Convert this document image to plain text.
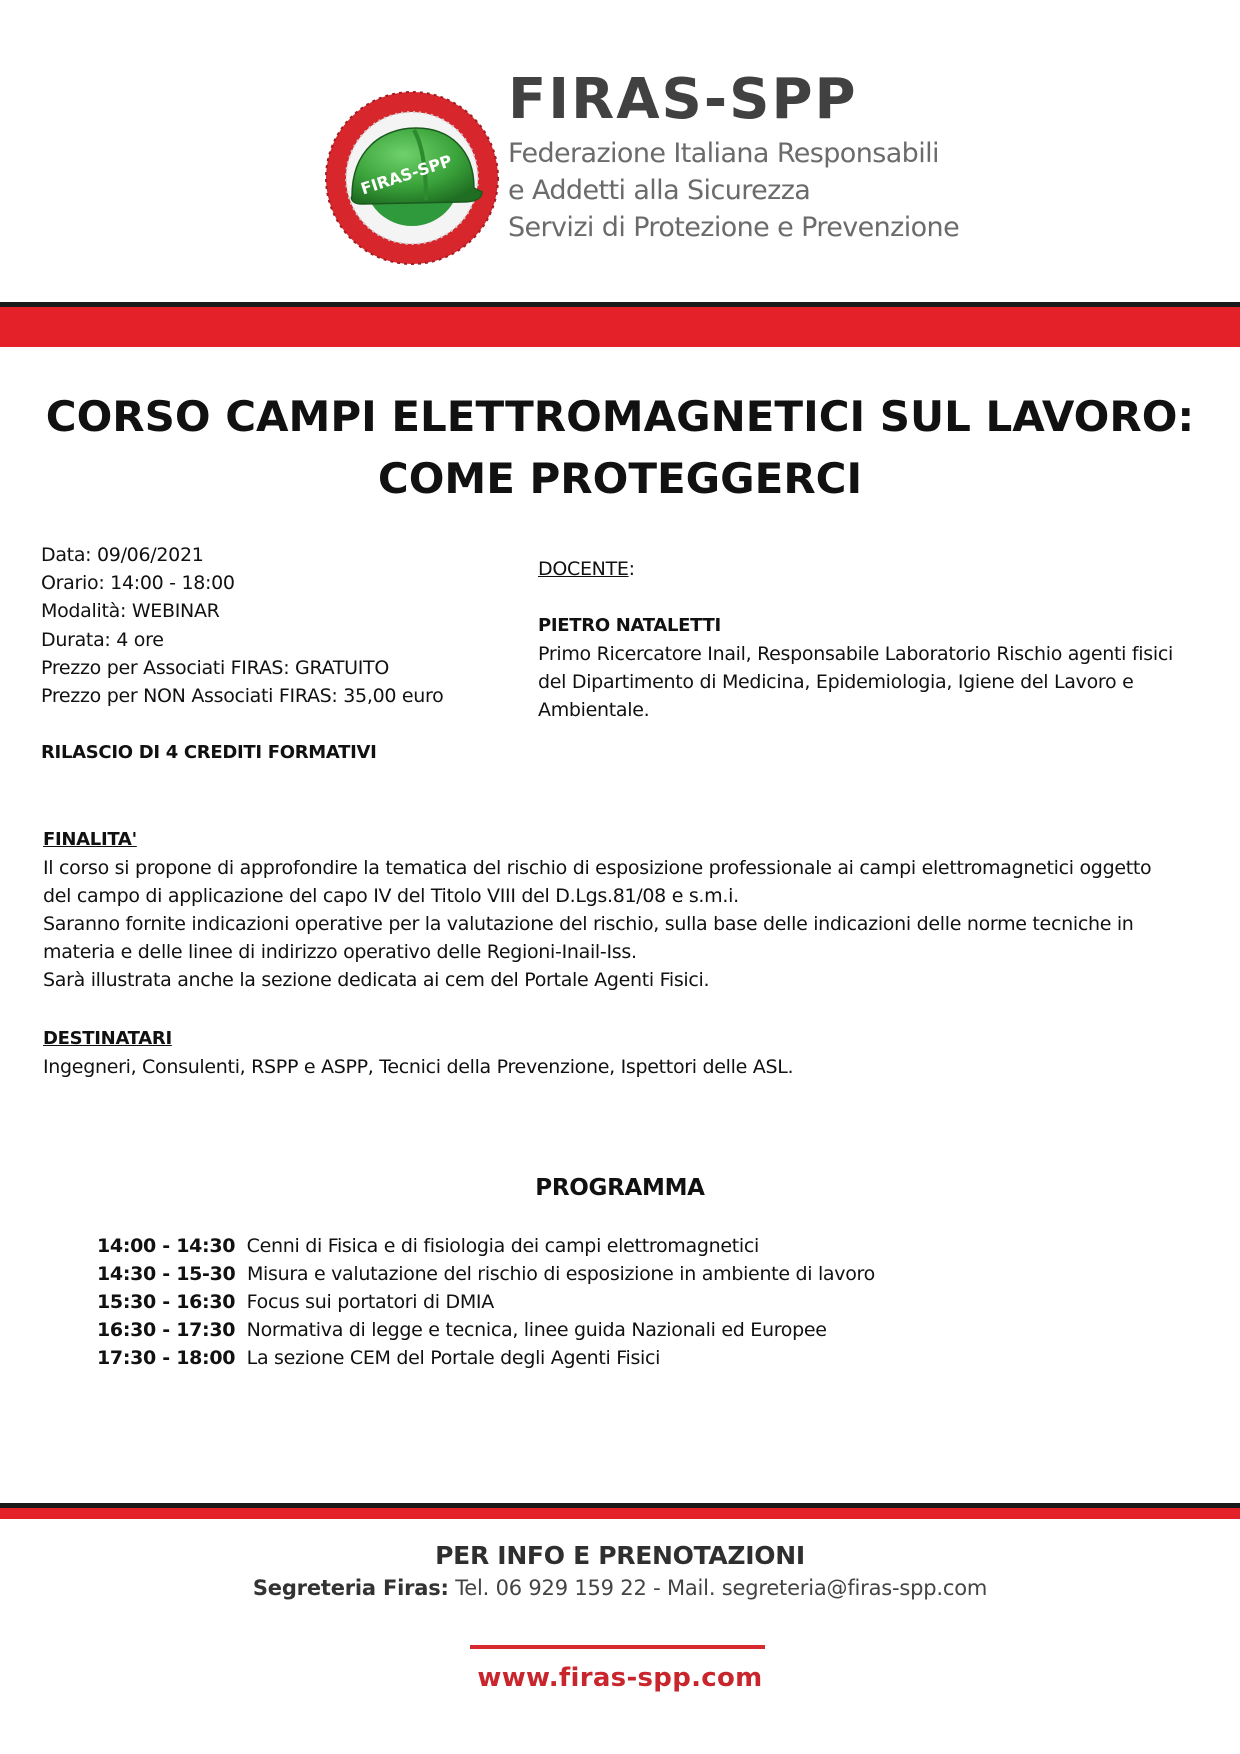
FIRAS-SPP
FIRAS-SPP
Federazione Italiana Responsabili
e Addetti alla Sicurezza
Servizi di Protezione e Prevenzione
CORSO CAMPI ELETTROMAGNETICI SUL LAVORO:
COME PROTEGGERCI
Data: 09/06/2021
Orario: 14:00 - 18:00
Modalità: WEBINAR
Durata: 4 ore
Prezzo per Associati FIRAS: GRATUITO
Prezzo per NON Associati FIRAS: 35,00 euro
RILASCIO DI 4 CREDITI FORMATIVI
DOCENTE:
PIETRO NATALETTI
Primo Ricercatore Inail, Responsabile Laboratorio Rischio agenti fisici
del Dipartimento di Medicina, Epidemiologia, Igiene del Lavoro e
Ambientale.
FINALITA'
Il corso si propone di approfondire la tematica del rischio di esposizione professionale ai campi elettromagnetici oggetto
del campo di applicazione del capo IV del Titolo VIII del D.Lgs.81/08 e s.m.i.
Saranno fornite indicazioni operative per la valutazione del rischio, sulla base delle indicazioni delle norme tecniche in
materia e delle linee di indirizzo operativo delle Regioni-Inail-Iss.
Sarà illustrata anche la sezione dedicata ai cem del Portale Agenti Fisici.
DESTINATARI
Ingegneri, Consulenti, RSPP e ASPP, Tecnici della Prevenzione, Ispettori delle ASL.
PROGRAMMA
14:00 - 14:30 Cenni di Fisica e di fisiologia dei campi elettromagnetici
14:30 - 15-30 Misura e valutazione del rischio di esposizione in ambiente di lavoro
15:30 - 16:30 Focus sui portatori di DMIA
16:30 - 17:30 Normativa di legge e tecnica, linee guida Nazionali ed Europee
17:30 - 18:00 La sezione CEM del Portale degli Agenti Fisici
PER INFO E PRENOTAZIONI
Segreteria Firas: Tel. 06 929 159 22 - Mail. segreteria@firas-spp.com
www.firas-spp.com
